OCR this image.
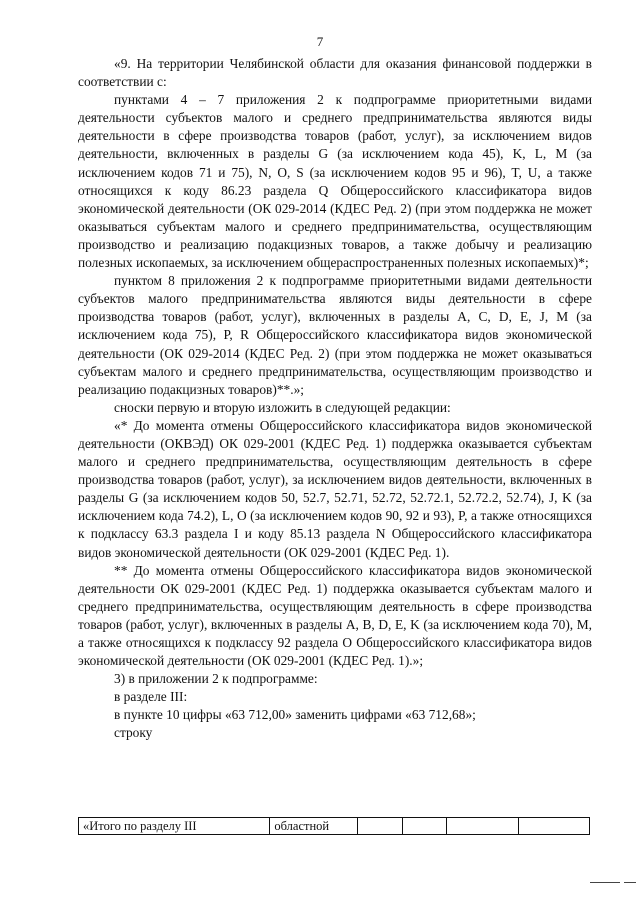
7

«9. На территории Челябинской области для оказания финансовой поддержки в соответствии с:

пунктами 4 – 7 приложения 2 к подпрограмме приоритетными видами деятельности субъектов малого и среднего предпринимательства являются виды деятельности в сфере производства товаров (работ, услуг), за исключением видов деятельности, включенных в разделы G (за исключением кода 45), K, L, M (за исключением кодов 71 и 75), N, O, S (за исключением кодов 95 и 96), T, U, а также относящихся к коду 86.23 раздела Q Общероссийского классификатора видов экономической деятельности (ОК 029-2014 (КДЕС Ред. 2) (при этом поддержка не может оказываться субъектам малого и среднего предпринимательства, осуществляющим производство и реализацию подакцизных товаров, а также добычу и реализацию полезных ископаемых, за исключением общераспространенных полезных ископаемых)*;

пунктом 8 приложения 2 к подпрограмме приоритетными видами деятельности субъектов малого предпринимательства являются виды деятельности в сфере производства товаров (работ, услуг), включенных в разделы A, C, D, E, J, M (за исключением кода 75), P, R Общероссийского классификатора видов экономической деятельности (ОК 029-2014 (КДЕС Ред. 2) (при этом поддержка не может оказываться субъектам малого и среднего предпринимательства, осуществляющим производство и реализацию подакцизных товаров)**.»;

сноски первую и вторую изложить в следующей редакции:

«* До момента отмены Общероссийского классификатора видов экономической деятельности (ОКВЭД) ОК 029-2001 (КДЕС Ред. 1) поддержка оказывается субъектам малого и среднего предпринимательства, осуществляющим деятельность в сфере производства товаров (работ, услуг), за исключением видов деятельности, включенных в разделы G (за исключением кодов 50, 52.7, 52.71, 52.72, 52.72.1, 52.72.2, 52.74), J, K (за исключением кода 74.2), L, O (за исключением кодов 90, 92 и 93), P, а также относящихся к подклассу 63.3 раздела I и коду 85.13 раздела N Общероссийского классификатора видов экономической деятельности (ОК 029-2001 (КДЕС Ред. 1).

** До момента отмены Общероссийского классификатора видов экономической деятельности ОК 029-2001 (КДЕС Ред. 1) поддержка оказывается субъектам малого и среднего предпринимательства, осуществляющим деятельность в сфере производства товаров (работ, услуг), включенных в разделы A, B, D, E, K (за исключением кода 70), M, а также относящихся к подклассу 92 раздела O Общероссийского классификатора видов экономической деятельности (ОК 029-2001 (КДЕС Ред. 1).»;

3) в приложении 2 к подпрограмме:

в разделе III:

в пункте 10 цифры «63 712,00» заменить цифрами «63 712,68»;

строку

«Итого по разделу III	областной				
